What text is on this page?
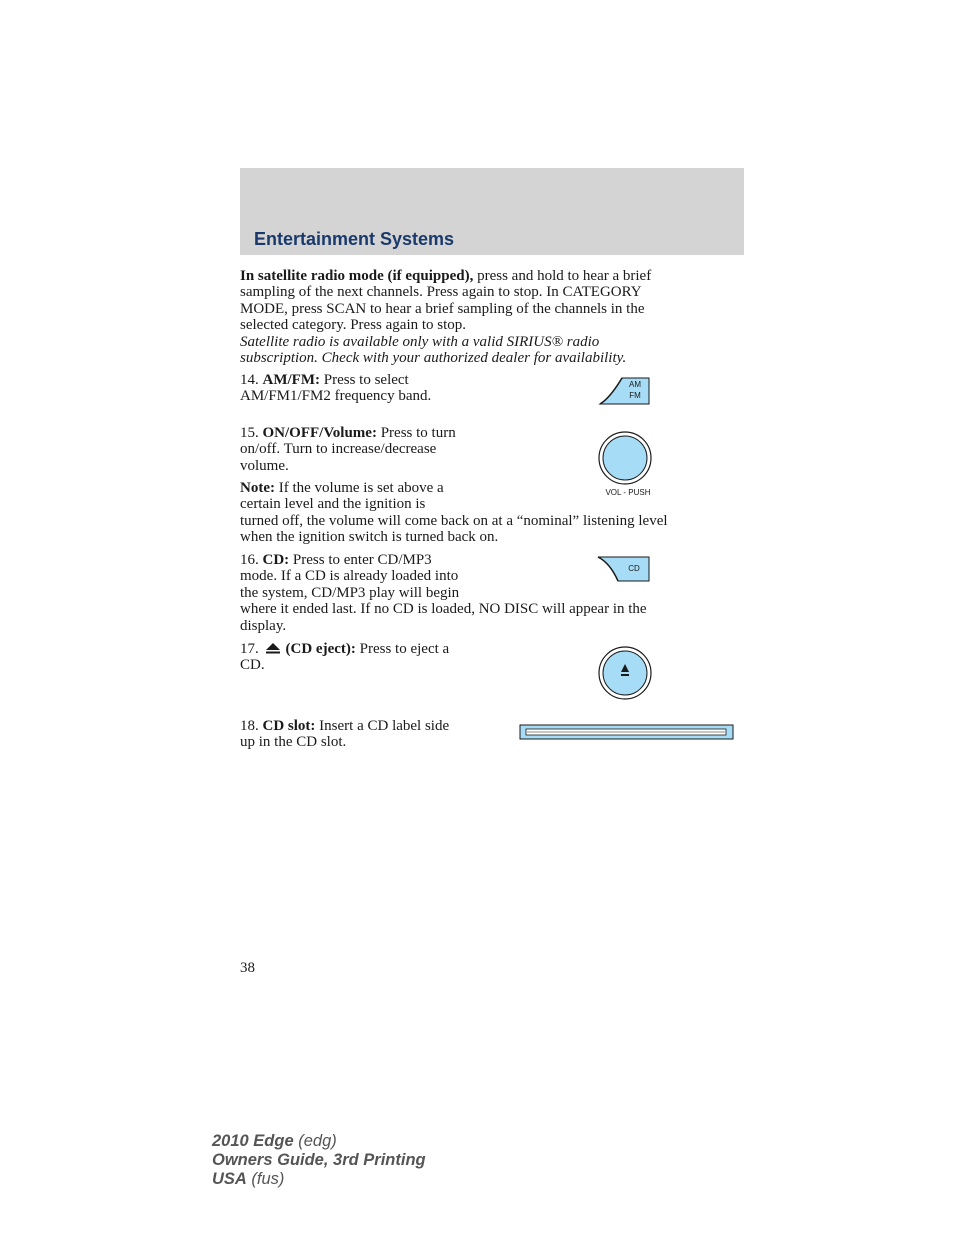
Entertainment Systems
In satellite radio mode (if equipped), press and hold to hear a brief
sampling of the next channels. Press again to stop. In CATEGORY
MODE, press SCAN to hear a brief sampling of the channels in the
selected category. Press again to stop.
Satellite radio is available only with a valid SIRIUS® radio
subscription. Check with your authorized dealer for availability.
14. AM/FM: Press to select
AM/FM1/FM2 frequency band.
AM
FM
15. ON/OFF/Volume: Press to turn
on/off. Turn to increase/decrease
volume.
VOL - PUSH
Note: If the volume is set above a
certain level and the ignition is
turned off, the volume will come back on at a “nominal” listening level
when the ignition switch is turned back on.
16. CD: Press to enter CD/MP3
mode. If a CD is already loaded into
the system, CD/MP3 play will begin
where it ended last. If no CD is loaded, NO DISC will appear in the
display.
CD
17. (CD eject): Press to eject a
CD.
18. CD slot: Insert a CD label side
up in the CD slot.
38
2010 Edge (edg)
Owners Guide, 3rd Printing
USA (fus)
